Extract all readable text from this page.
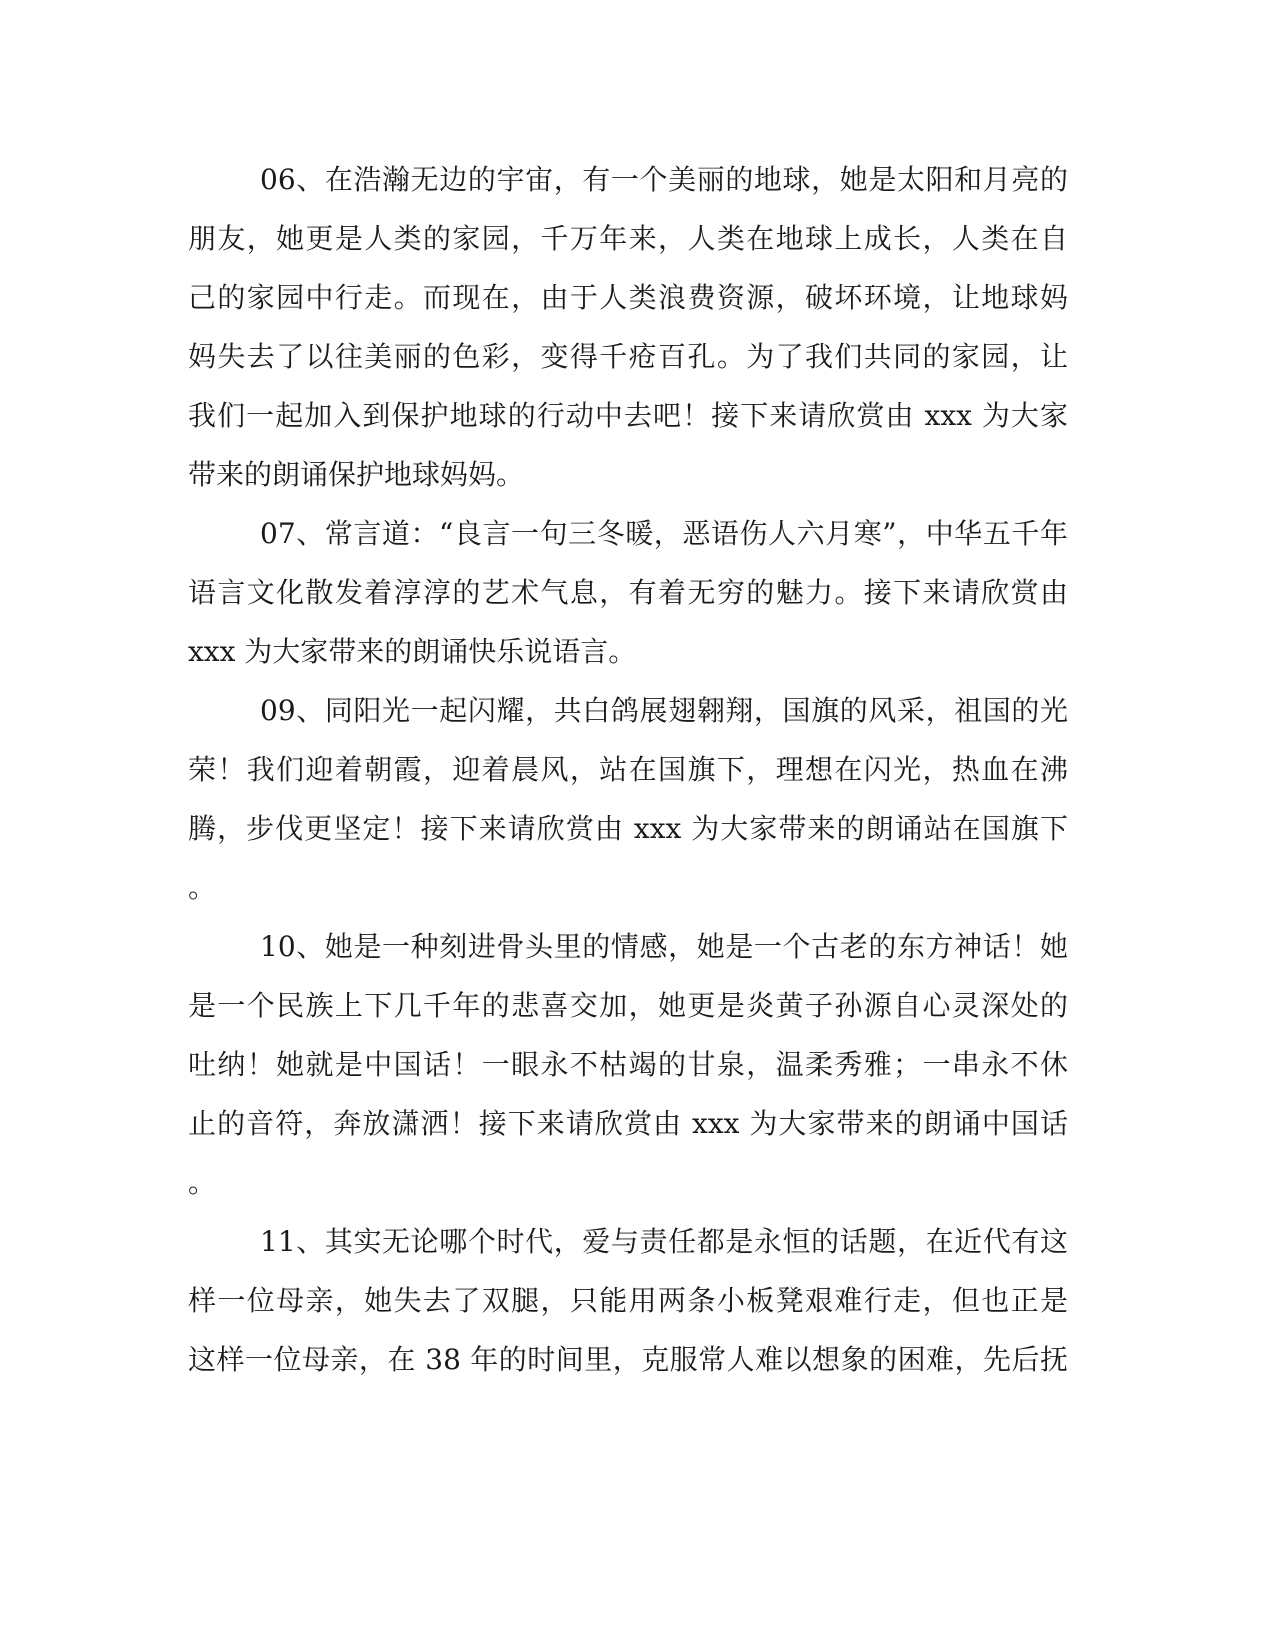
06、在浩瀚无边的宇宙，有一个美丽的地球，她是太阳和月亮的
朋友，她更是人类的家园，千万年来，人类在地球上成长，人类在自
己的家园中行走。而现在，由于人类浪费资源，破坏环境，让地球妈
妈失去了以往美丽的色彩，变得千疮百孔。为了我们共同的家园，让
我们一起加入到保护地球的行动中去吧！接下来请欣赏由 xxx 为大家
带来的朗诵保护地球妈妈。
07、常言道：“良言一句三冬暖，恶语伤人六月寒”，中华五千年
语言文化散发着淳淳的艺术气息，有着无穷的魅力。接下来请欣赏由
xxx 为大家带来的朗诵快乐说语言。
09、同阳光一起闪耀，共白鸽展翅翱翔，国旗的风采，祖国的光
荣！我们迎着朝霞，迎着晨风，站在国旗下，理想在闪光，热血在沸
腾，步伐更坚定！接下来请欣赏由 xxx 为大家带来的朗诵站在国旗下
。
10、她是一种刻进骨头里的情感，她是一个古老的东方神话！她
是一个民族上下几千年的悲喜交加，她更是炎黄子孙源自心灵深处的
吐纳！她就是中国话！一眼永不枯竭的甘泉，温柔秀雅；一串永不休
止的音符，奔放潇洒！接下来请欣赏由 xxx 为大家带来的朗诵中国话
。
11、其实无论哪个时代，爱与责任都是永恒的话题，在近代有这
样一位母亲，她失去了双腿，只能用两条小板凳艰难行走，但也正是
这样一位母亲，在 38 年的时间里，克服常人难以想象的困难，先后抚
